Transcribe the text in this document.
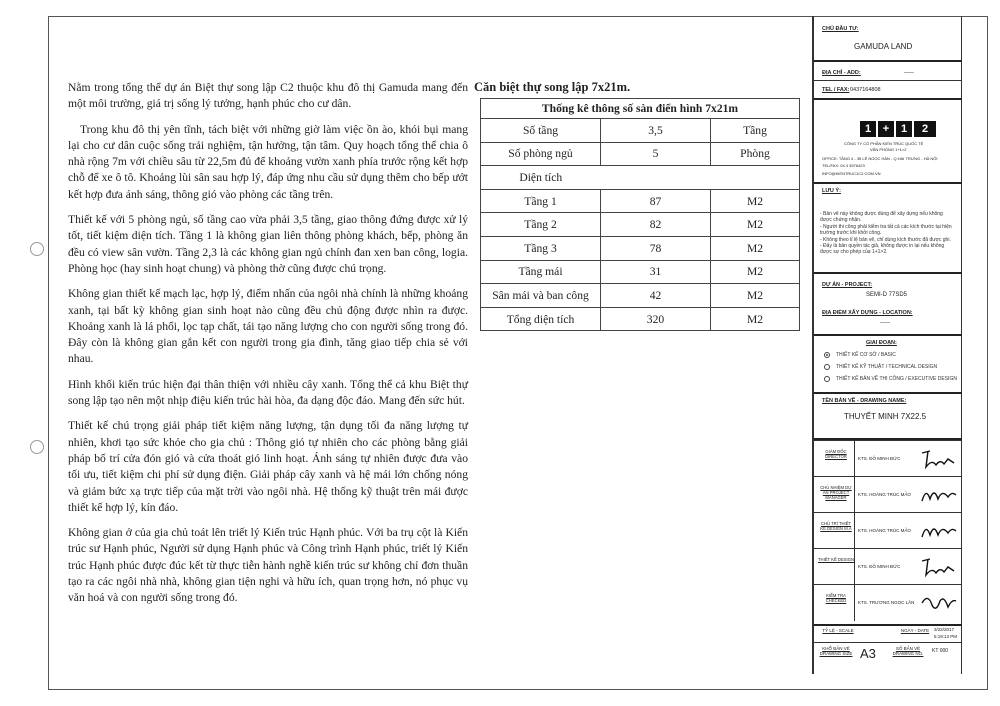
Nằm trong tổng thể dự án Biệt thự song lập C2 thuộc khu đô thị Gamuda mang đến một môi trường, giá trị sống lý tưởng, hạnh phúc cho cư dân.

Trong khu đô thị yên tĩnh, tách biệt với những giờ làm việc ồn ào, khói bụi mang lại cho cư dân cuộc sống trải nghiệm, tận hưởng, tận tâm. Quy hoạch tổng thể chia ô nhà rộng 7m với chiều sâu từ 22,5m đủ để khoảng vườn xanh phía trước rộng kết hợp chỗ để xe ô tô. Khoảng lùi sân sau hợp lý, đáp ứng nhu cầu sử dụng thêm cho bếp ướt kết hợp đưa ánh sáng, thông gió vào phòng các tầng trên.

Thiết kế với 5 phòng ngủ, số tầng cao vừa phải 3,5 tầng, giao thông đứng được xử lý tốt, tiết kiệm diện tích. Tầng 1 là không gian liên thông phòng khách, bếp, phòng ăn đều có view sân vườn. Tầng 2,3 là các không gian ngủ chính đan xen ban công, logia. Phòng học (hay sinh hoạt chung) và phòng thờ cũng được chú trọng.

Không gian thiết kế mạch lạc, hợp lý, điểm nhấn của ngôi nhà chính là những khoảng xanh, tại bất kỳ không gian sinh hoạt nào cũng đều chủ động được nhìn ra được. Khoảng xanh là lá phổi, lọc tạp chất, tái tạo năng lượng cho con người sống trong đó. Đây còn là không gian gắn kết con người trong gia đình, tăng giao tiếp chia sẻ với nhau.

Hình khối kiến trúc hiện đại thân thiện với nhiều cây xanh. Tổng thể cả khu Biệt thự song lập tạo nên một nhịp điệu kiến trúc hài hòa, đa dạng độc đáo. Mang đến sức hút.

Thiết kế chú trọng giải pháp tiết kiệm năng lượng, tận dụng tối đa năng lượng tự nhiên, khơi tạo sức khỏe cho gia chủ : Thông gió tự nhiên cho các phòng bằng giải pháp bố trí cửa đón gió và cửa thoát gió linh hoạt. Ánh sáng tự nhiên được đưa vào tối ưu, tiết kiệm chi phí sử dụng điện. Giải pháp cây xanh và hệ mái lớn chống nóng và giảm bức xạ trực tiếp của mặt trời vào ngôi nhà. Hệ thống kỹ thuật trên mái được thiết kế hợp lý, kín đáo.

Không gian ở của gia chủ toát lên triết lý Kiến trúc Hạnh phúc. Với ba trụ cột là Kiến trúc sư Hạnh phúc, Người sử dụng Hạnh phúc và Công trình Hạnh phúc, triết lý Kiến trúc Hạnh phúc được đúc kết từ thực tiễn hành nghề kiến trúc sư không chỉ đơn thuần tạo ra các ngôi nhà nhà, không gian tiện nghi và hữu ích, quan trọng hơn, nó phục vụ văn hoá và con người sống trong đó.

Căn biệt thự song lập 7x21m.
Thống kê thông số sàn điển hình 7x21m		
Số tầng	3,5	Tầng
Số phòng ngủ	5	Phòng
Diện tích		
Tầng 1	87	M2
Tầng 2	82	M2
Tầng 3	78	M2
Tầng mái	31	M2
Sân mái và ban công	42	M2
Tổng diện tích	320	M2
CHỦ ĐẦU TƯ:
GAMUDA LAND
ĐỊA CHỈ - ADD:	-----
TEL / FAX: 0437164808
1	+	1	2
CÔNG TY CỔ PHẦN KIẾN TRÚC QUỐC TẾ
VĂN PHÒNG 1+1>2
OFFICE: TẦNG 4 - 35 LÊ NGỌC HÂN - Q.HAI TRƯNG - HÀ NỘI
TEL/FAX: 04 4 3976423
INFO@KIENTRUC1C2.COM.VN
LƯU Ý:
- Bản vẽ này không được dùng để xây dựng nếu không
được chứng nhận.
- Người thi công phải kiểm tra tất cả các kích thước tại hiện
trường trước khi khởi công.
- Không theo tỉ lệ bản vẽ, chỉ dùng kích thước đã được ghi.
- Đây là bản quyền tác giả, không được in lại nếu không
được sự cho phép của 1+1>2.
DỰ ÁN - PROJECT:
SEMI-D 77SD5
ĐỊA ĐIỂM XÂY DỰNG - LOCATION:
-----
GIAI ĐOẠN:
THIẾT KẾ CƠ SỞ / BASIC
THIẾT KẾ KỸ THUẬT / TECHNICAL DESIGN
THIẾT KẾ BẢN VẼ THI CÔNG / EXECUTIVE DESIGN
TÊN BẢN VẼ - DRAWING NAME:
THUYẾT MINH 7X22.5
GIÁM ĐỐC DIRECTOR	KTS. ĐỖ MINH ĐỨC
CHỦ NHIỆM DỰ ÁN PROJECT MANAGER
KTS. HOÀNG TRÚC MẢO
CHỦ TRÌ THIẾT KẾ DESIGN M.A	KTS. HOÀNG TRÚC MẢO
THIẾT KẾ DESIGN
KTS. ĐỖ MINH ĐỨC
KIỂM TRA CHECKED	KTS. TRƯƠNG NGỌC LÂN
TỶ LỆ - SCALE	NGÀY - DATE 3/22/2017
5:19:13 PM
KHỔ BẢN VẼ DRAWING SIZE A3	SỐ BẢN VẼ DRAWING NO.	KT 000
